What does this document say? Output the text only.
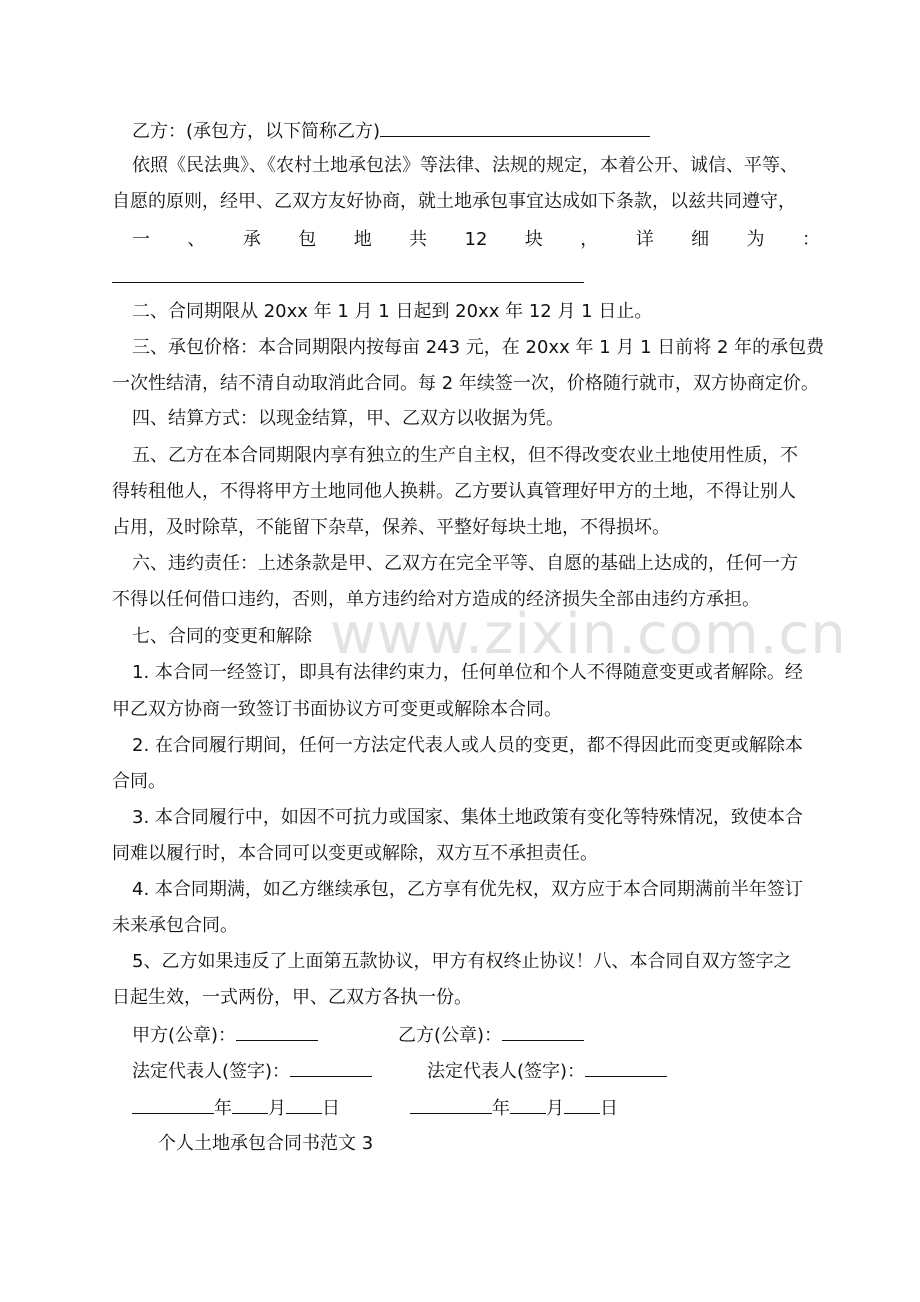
www.zixin.com.cn
乙方：(承包方，以下简称乙方)
依照《民法典》、《农村土地承包法》等法律、法规的规定，本着公开、诚信、平等、
自愿的原则，经甲、乙双方友好协商，就土地承包事宜达成如下条款，以兹共同遵守，
一 、 承 包 地 共 12 块 ， 详 细 为 ：
二、合同期限从 20xx 年 1 月 1 日起到 20xx 年 12 月 1 日止。
三、承包价格：本合同期限内按每亩 243 元，在 20xx 年 1 月 1 日前将 2 年的承包费
一次性结清，结不清自动取消此合同。每 2 年续签一次，价格随行就市，双方协商定价。
四、结算方式：以现金结算，甲、乙双方以收据为凭。
五、乙方在本合同期限内享有独立的生产自主权，但不得改变农业土地使用性质，不
得转租他人，不得将甲方土地同他人换耕。乙方要认真管理好甲方的土地，不得让别人
占用，及时除草，不能留下杂草，保养、平整好每块土地，不得损坏。
六、违约责任：上述条款是甲、乙双方在完全平等、自愿的基础上达成的，任何一方
不得以任何借口违约，否则，单方违约给对方造成的经济损失全部由违约方承担。
七、合同的变更和解除
1. 本合同一经签订，即具有法律约束力，任何单位和个人不得随意变更或者解除。经
甲乙双方协商一致签订书面协议方可变更或解除本合同。
2. 在合同履行期间，任何一方法定代表人或人员的变更，都不得因此而变更或解除本
合同。
3. 本合同履行中，如因不可抗力或国家、集体土地政策有变化等特殊情况，致使本合
同难以履行时，本合同可以变更或解除，双方互不承担责任。
4. 本合同期满，如乙方继续承包，乙方享有优先权，双方应于本合同期满前半年签订
未来承包合同。
5、乙方如果违反了上面第五款协议，甲方有权终止协议！八、本合同自双方签字之
日起生效，一式两份，甲、乙双方各执一份。
甲方(公章)：	乙方(公章)：
法定代表人(签字)：	法定代表人(签字)：
年 月 日	年 月 日
个人土地承包合同书范文 3
